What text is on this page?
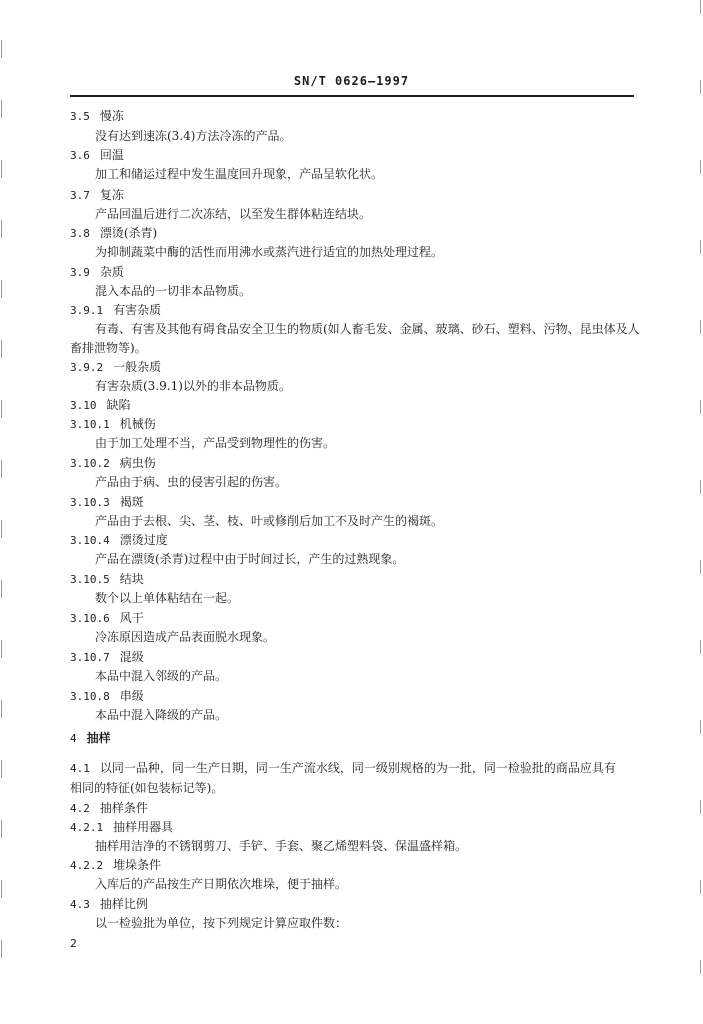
SN/T 0626—1997
3.5 慢冻
没有达到速冻(3.4)方法冷冻的产品。
3.6 回温
加工和储运过程中发生温度回升现象，产品呈软化状。
3.7 复冻
产品回温后进行二次冻结，以至发生群体粘连结块。
3.8 漂烫(杀青)
为抑制蔬菜中酶的活性而用沸水或蒸汽进行适宜的加热处理过程。
3.9 杂质
混入本品的一切非本品物质。
3.9.1 有害杂质
有毒、有害及其他有碍食品安全卫生的物质(如人畜毛发、金属、玻璃、砂石、塑料、污物、昆虫体及人
畜排泄物等)。
3.9.2 一般杂质
有害杂质(3.9.1)以外的非本品物质。
3.10 缺陷
3.10.1 机械伤
由于加工处理不当，产品受到物理性的伤害。
3.10.2 病虫伤
产品由于病、虫的侵害引起的伤害。
3.10.3 褐斑
产品由于去根、尖、茎、枝、叶或修削后加工不及时产生的褐斑。
3.10.4 漂烫过度
产品在漂烫(杀青)过程中由于时间过长，产生的过熟现象。
3.10.5 结块
数个以上单体粘结在一起。
3.10.6 风干
冷冻原因造成产品表面脱水现象。
3.10.7 混级
本品中混入邻级的产品。
3.10.8 串级
本品中混入降级的产品。
4 抽样
4.1 以同一品种，同一生产日期，同一生产流水线，同一级别规格的为一批，同一检验批的商品应具有
相同的特征(如包装标记等)。
4.2 抽样条件
4.2.1 抽样用器具
抽样用洁净的不锈钢剪刀、手铲、手套、聚乙烯塑料袋、保温盛样箱。
4.2.2 堆垛条件
入库后的产品按生产日期依次堆垛，便于抽样。
4.3 抽样比例
以一检验批为单位，按下列规定计算应取件数：
2
